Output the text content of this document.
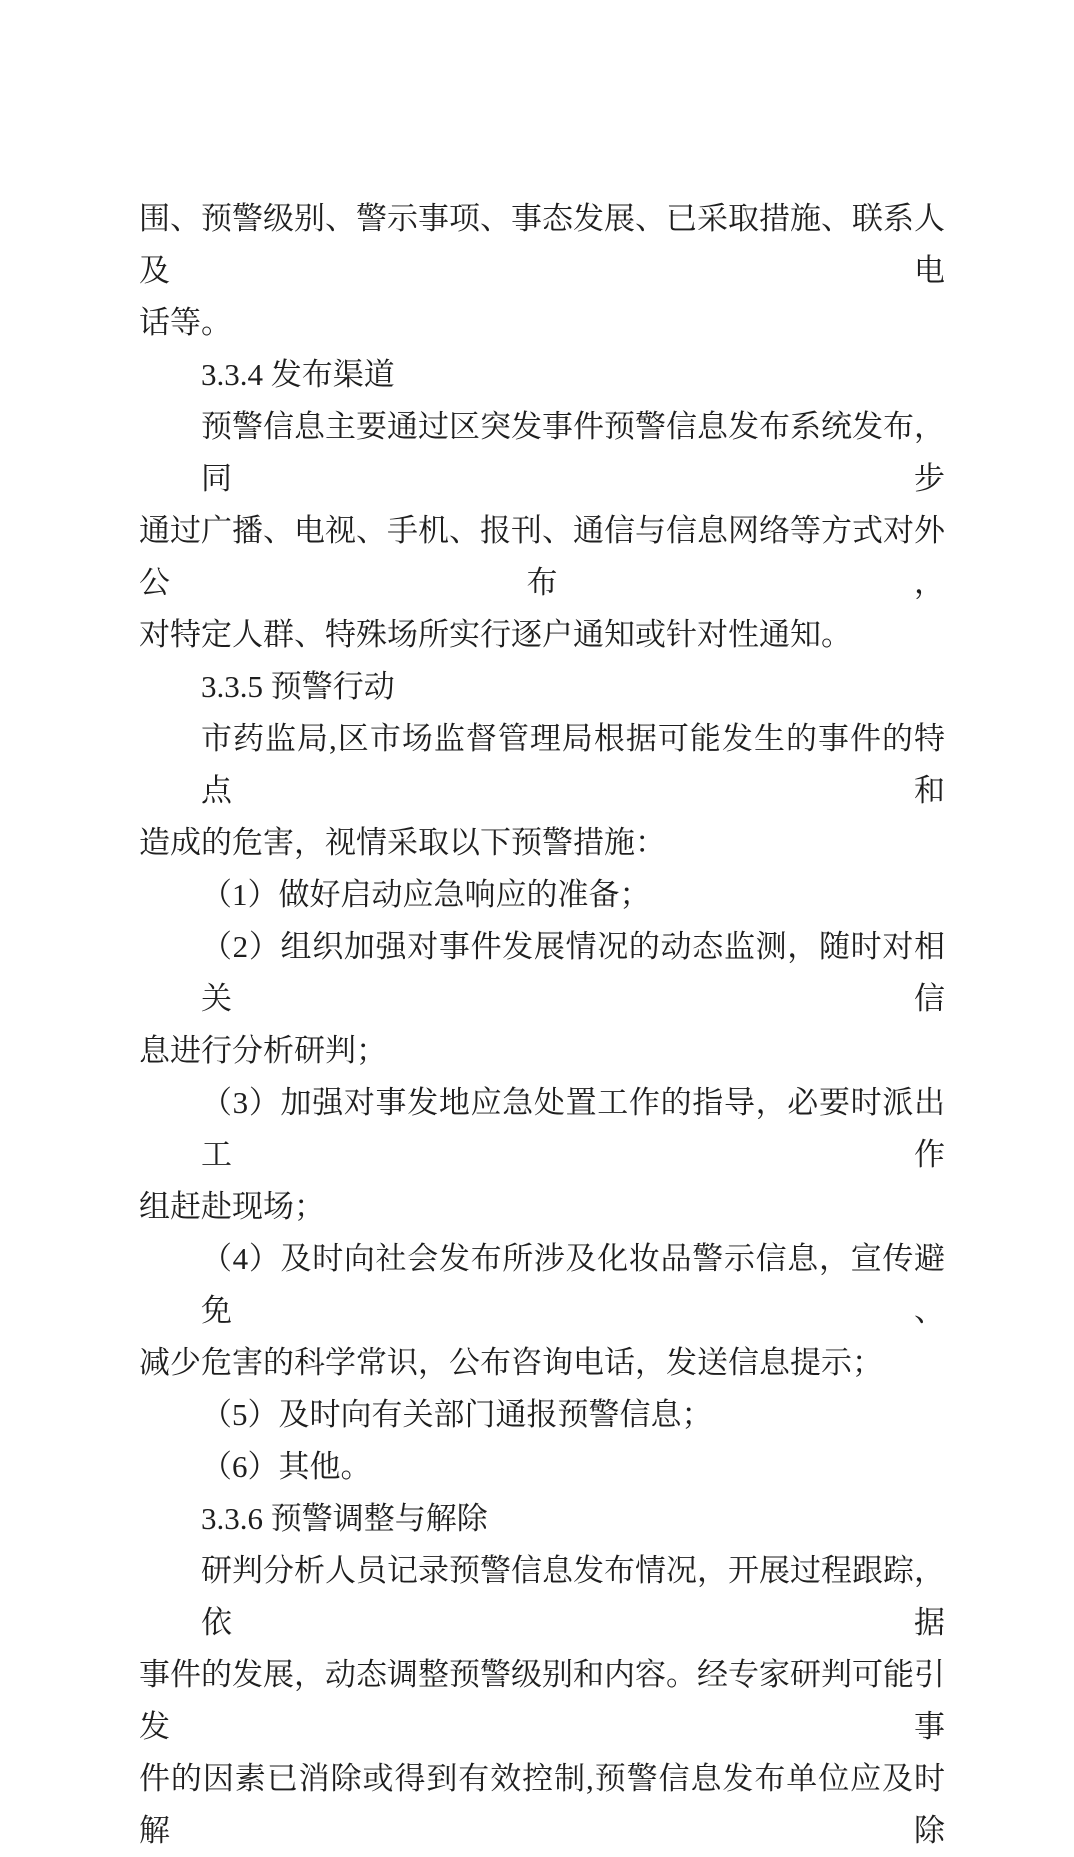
围、预警级别、警示事项、事态发展、已采取措施、联系人及电
话等。
3.3.4 发布渠道
预警信息主要通过区突发事件预警信息发布系统发布，同步
通过广播、电视、手机、报刊、通信与信息网络等方式对外公布，
对特定人群、特殊场所实行逐户通知或针对性通知。
3.3.5 预警行动
市药监局,区市场监督管理局根据可能发生的事件的特点和
造成的危害，视情采取以下预警措施：
（1）做好启动应急响应的准备；
（2）组织加强对事件发展情况的动态监测，随时对相关信
息进行分析研判；
（3）加强对事发地应急处置工作的指导，必要时派出工作
组赶赴现场；
（4）及时向社会发布所涉及化妆品警示信息，宣传避免、
减少危害的科学常识，公布咨询电话，发送信息提示；
（5）及时向有关部门通报预警信息；
（6）其他。
3.3.6 预警调整与解除
研判分析人员记录预警信息发布情况，开展过程跟踪，依据
事件的发展，动态调整预警级别和内容。经专家研判可能引发事
件的因素已消除或得到有效控制,预警信息发布单位应及时解除
